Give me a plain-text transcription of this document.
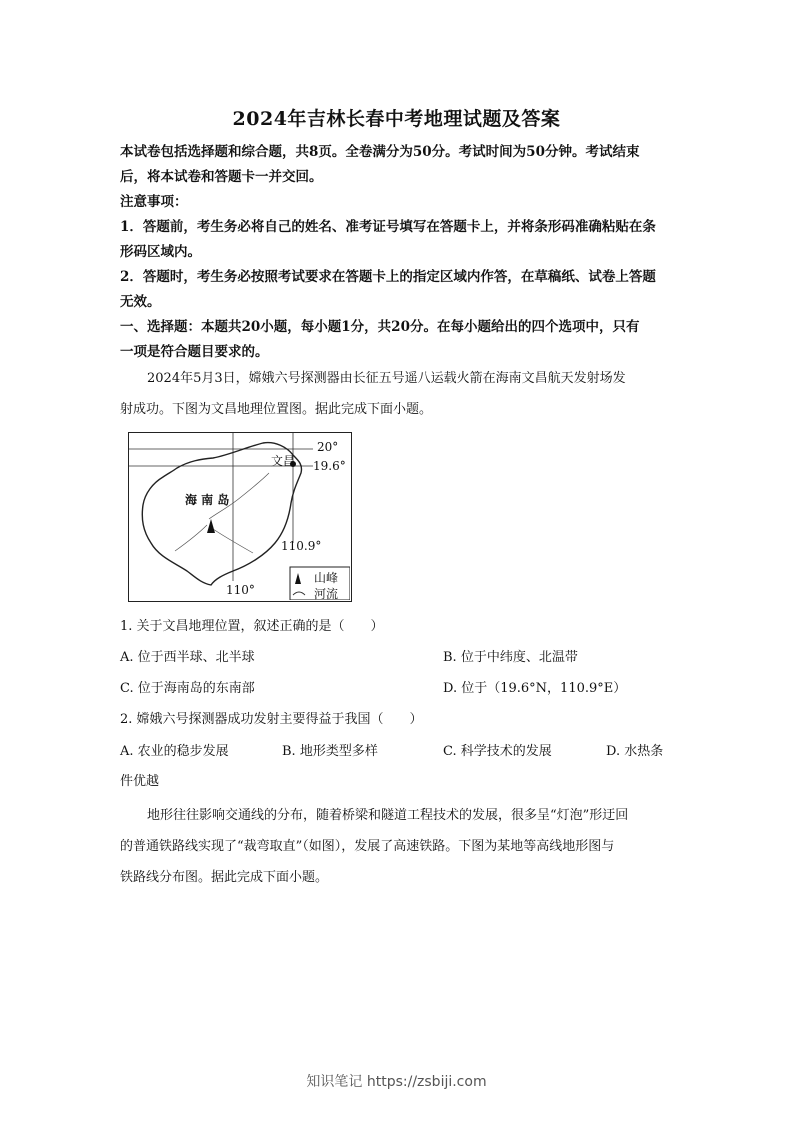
2024年吉林长春中考地理试题及答案
本试卷包括选择题和综合题，共8页。全卷满分为50分。考试时间为50分钟。考试结束
后，将本试卷和答题卡一并交回。
注意事项：
1．答题前，考生务必将自己的姓名、准考证号填写在答题卡上，并将条形码准确粘贴在条
形码区域内。
2．答题时，考生务必按照考试要求在答题卡上的指定区域内作答，在草稿纸、试卷上答题
无效。
一、选择题：本题共20小题，每小题1分，共20分。在每小题给出的四个选项中，只有
一项是符合题目要求的。
2024年5月3日，嫦娥六号探测器由长征五号遥八运载火箭在海南文昌航天发射场发
射成功。下图为文昌地理位置图。据此完成下面小题。
20°
19.6°
文昌
海 南 岛
110.9°
110°
山峰
河流
1. 关于文昌地理位置，叙述正确的是（　　）
A. 位于西半球、北半球	B. 位于中纬度、北温带
C. 位于海南岛的东南部	D. 位于（19.6°N，110.9°E）
2. 嫦娥六号探测器成功发射主要得益于我国（　　）
A. 农业的稳步发展	B. 地形类型多样	C. 科学技术的发展	D. 水热条
件优越
地形往往影响交通线的分布，随着桥梁和隧道工程技术的发展，很多呈“灯泡”形迂回
的普通铁路线实现了“裁弯取直”（如图），发展了高速铁路。下图为某地等高线地形图与
铁路线分布图。据此完成下面小题。
知识笔记 https://zsbiji.com
